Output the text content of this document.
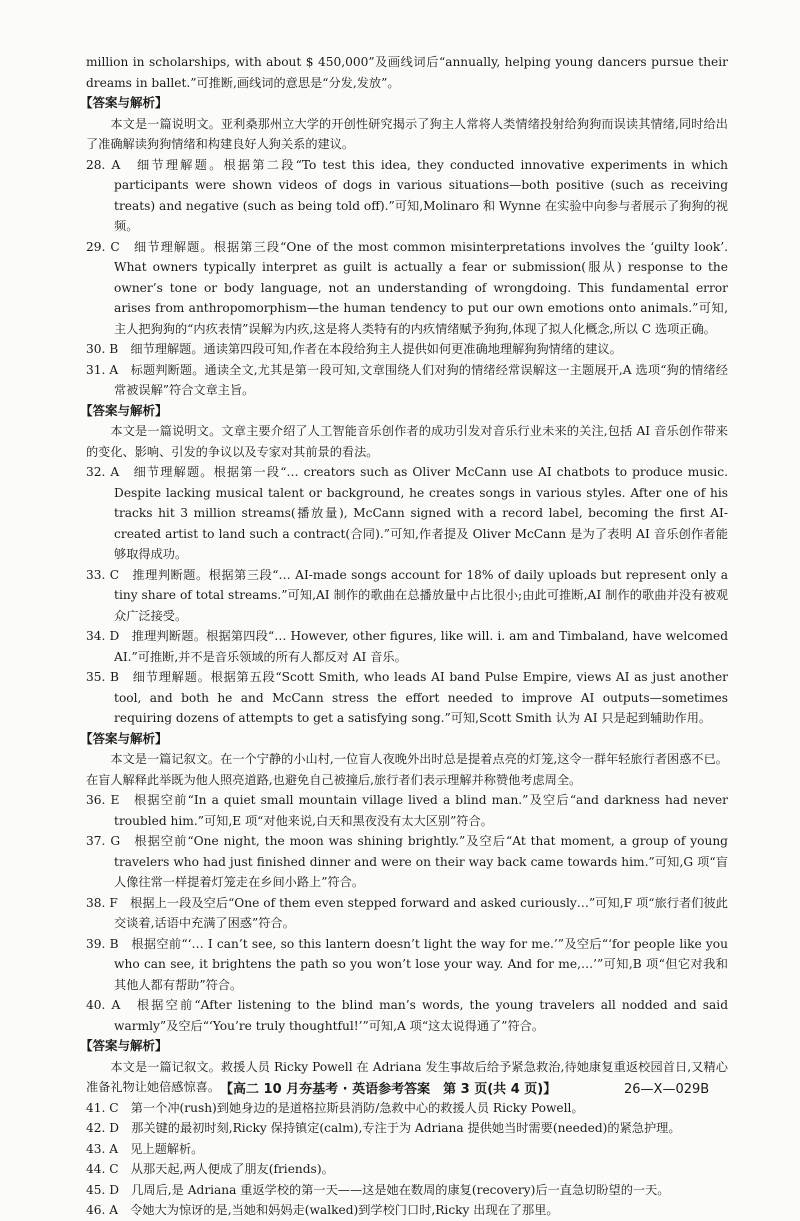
million in scholarships, with about $ 450,000”及画线词后“annually, helping young dancers pursue their dreams in ballet.”可推断,画线词的意思是“分发,发放”。

【答案与解析】

本文是一篇说明文。亚利桑那州立大学的开创性研究揭示了狗主人常将人类情绪投射给狗狗而误读其情绪,同时给出了准确解读狗狗情绪和构建良好人狗关系的建议。

28. A　细节理解题。根据第二段“To test this idea, they conducted innovative experiments in which participants were shown videos of dogs in various situations—both positive (such as receiving treats) and negative (such as being told off).”可知,Molinaro 和 Wynne 在实验中向参与者展示了狗狗的视频。

29. C　细节理解题。根据第三段“One of the most common misinterpretations involves the ‘guilty look’. What owners typically interpret as guilt is actually a fear or submission(服从) response to the owner’s tone or body language, not an understanding of wrongdoing. This fundamental error arises from anthropomorphism—the human tendency to put our own emotions onto animals.”可知,主人把狗狗的“内疚表情”误解为内疚,这是将人类特有的内疚情绪赋予狗狗,体现了拟人化概念,所以 C 选项正确。

30. B　细节理解题。通读第四段可知,作者在本段给狗主人提供如何更准确地理解狗狗情绪的建议。

31. A　标题判断题。通读全文,尤其是第一段可知,文章围绕人们对狗的情绪经常误解这一主题展开,A 选项“狗的情绪经常被误解”符合文章主旨。

【答案与解析】

本文是一篇说明文。文章主要介绍了人工智能音乐创作者的成功引发对音乐行业未来的关注,包括 AI 音乐创作带来的变化、影响、引发的争议以及专家对其前景的看法。

32. A　细节理解题。根据第一段“… creators such as Oliver McCann use AI chatbots to produce music. Despite lacking musical talent or background, he creates songs in various styles. After one of his tracks hit 3 million streams(播放量), McCann signed with a record label, becoming the first AI-created artist to land such a contract(合同).”可知,作者提及 Oliver McCann 是为了表明 AI 音乐创作者能够取得成功。

33. C　推理判断题。根据第三段“… AI-made songs account for 18% of daily uploads but represent only a tiny share of total streams.”可知,AI 制作的歌曲在总播放量中占比很小;由此可推断,AI 制作的歌曲并没有被观众广泛接受。

34. D　推理判断题。根据第四段“… However, other figures, like will. i. am and Timbaland, have welcomed AI.”可推断,并不是音乐领域的所有人都反对 AI 音乐。

35. B　细节理解题。根据第五段“Scott Smith, who leads AI band Pulse Empire, views AI as just another tool, and both he and McCann stress the effort needed to improve AI outputs—sometimes requiring dozens of attempts to get a satisfying song.”可知,Scott Smith 认为 AI 只是起到辅助作用。

【答案与解析】

本文是一篇记叙文。在一个宁静的小山村,一位盲人夜晚外出时总是提着点亮的灯笼,这令一群年轻旅行者困惑不已。在盲人解释此举既为他人照亮道路,也避免自己被撞后,旅行者们表示理解并称赞他考虑周全。

36. E　根据空前“In a quiet small mountain village lived a blind man.”及空后“and darkness had never troubled him.”可知,E 项“对他来说,白天和黑夜没有太大区别”符合。

37. G　根据空前“One night, the moon was shining brightly.”及空后“At that moment, a group of young travelers who had just finished dinner and were on their way back came towards him.”可知,G 项“盲人像往常一样提着灯笼走在乡间小路上”符合。

38. F　根据上一段及空后“One of them even stepped forward and asked curiously…”可知,F 项“旅行者们彼此交谈着,话语中充满了困惑”符合。

39. B　根据空前“‘… I can’t see, so this lantern doesn’t light the way for me.’”及空后“‘for people like you who can see, it brightens the path so you won’t lose your way. And for me,…’”可知,B 项“但它对我和其他人都有帮助”符合。

40. A　根据空前“After listening to the blind man’s words, the young travelers all nodded and said warmly”及空后“‘You’re truly thoughtful!’”可知,A 项“这太说得通了”符合。

【答案与解析】

本文是一篇记叙文。救援人员 Ricky Powell 在 Adriana 发生事故后给予紧急救治,待她康复重返校园首日,又精心准备礼物让她倍感惊喜。

41. C　第一个冲(rush)到她身边的是道格拉斯县消防/急救中心的救援人员 Ricky Powell。

42. D　那关键的最初时刻,Ricky 保持镇定(calm),专注于为 Adriana 提供她当时需要(needed)的紧急护理。

43. A　见上题解析。

44. C　从那天起,两人便成了朋友(friends)。

45. D　几周后,是 Adriana 重返学校的第一天——这是她在数周的康复(recovery)后一直急切盼望的一天。

46. A　令她大为惊讶的是,当她和妈妈走(walked)到学校门口时,Ricky 出现在了那里。

【高二 10 月夯基考 · 英语参考答案　第 3 页(共 4 页)】	26—X—029B
